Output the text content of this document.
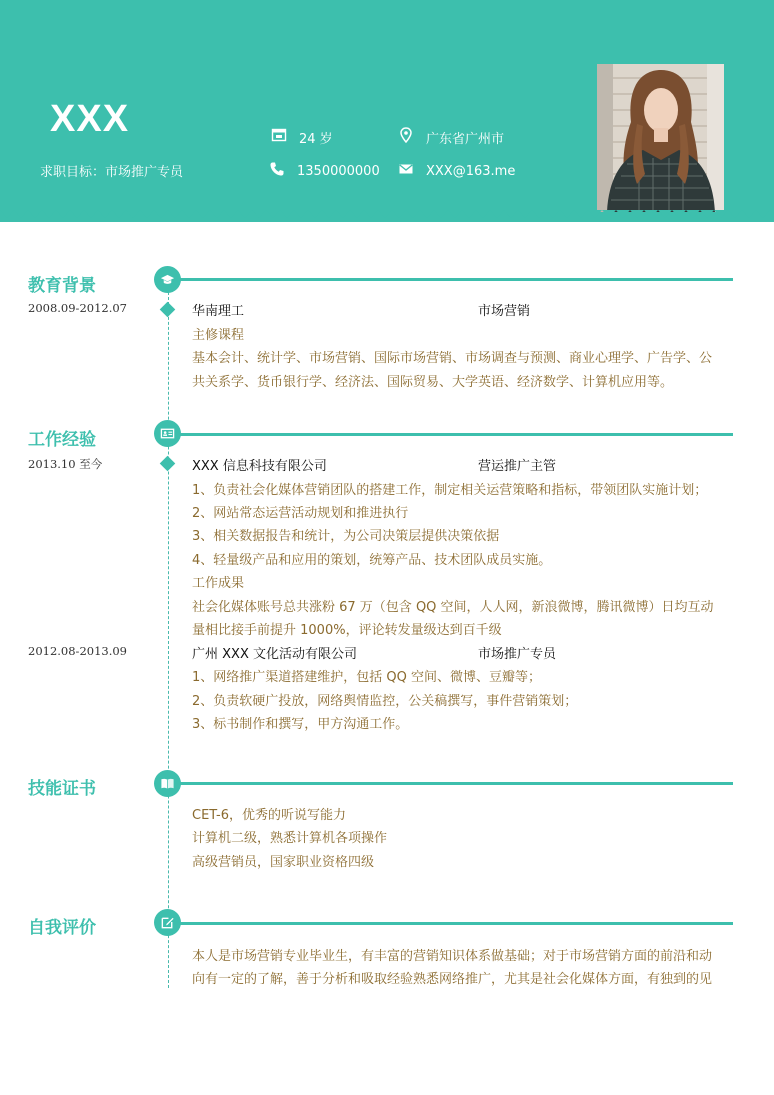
XXX
求职目标：市场推广专员
24 岁	广东省广州市
1350000000	XXX@163.me
教育背景
2008.09-2012.07	华南理工	市场营销
主修课程
基本会计、统计学、市场营销、国际市场营销、市场调查与预测、商业心理学、广告学、公
共关系学、货币银行学、经济法、国际贸易、大学英语、经济数学、计算机应用等。
工作经验
2013.10 至今	XXX 信息科技有限公司	营运推广主管
1、负责社会化媒体营销团队的搭建工作，制定相关运营策略和指标，带领团队实施计划；
2、网站常态运营活动规划和推进执行
3、相关数据报告和统计，为公司决策层提供决策依据
4、轻量级产品和应用的策划，统筹产品、技术团队成员实施。
工作成果
社会化媒体账号总共涨粉 67 万（包含 QQ 空间，人人网，新浪微博，腾讯微博）日均互动
量相比接手前提升 1000%，评论转发量级达到百千级
2012.08-2013.09	广州 XXX 文化活动有限公司	市场推广专员
1、网络推广渠道搭建维护，包括 QQ 空间、微博、豆瓣等；
2、负责软硬广投放，网络舆情监控，公关稿撰写，事件营销策划；
3、标书制作和撰写，甲方沟通工作。
技能证书
CET-6，优秀的听说写能力
计算机二级，熟悉计算机各项操作
高级营销员，国家职业资格四级
自我评价
本人是市场营销专业毕业生，有丰富的营销知识体系做基础；对于市场营销方面的前沿和动
向有一定的了解，善于分析和吸取经验熟悉网络推广，尤其是社会化媒体方面，有独到的见
